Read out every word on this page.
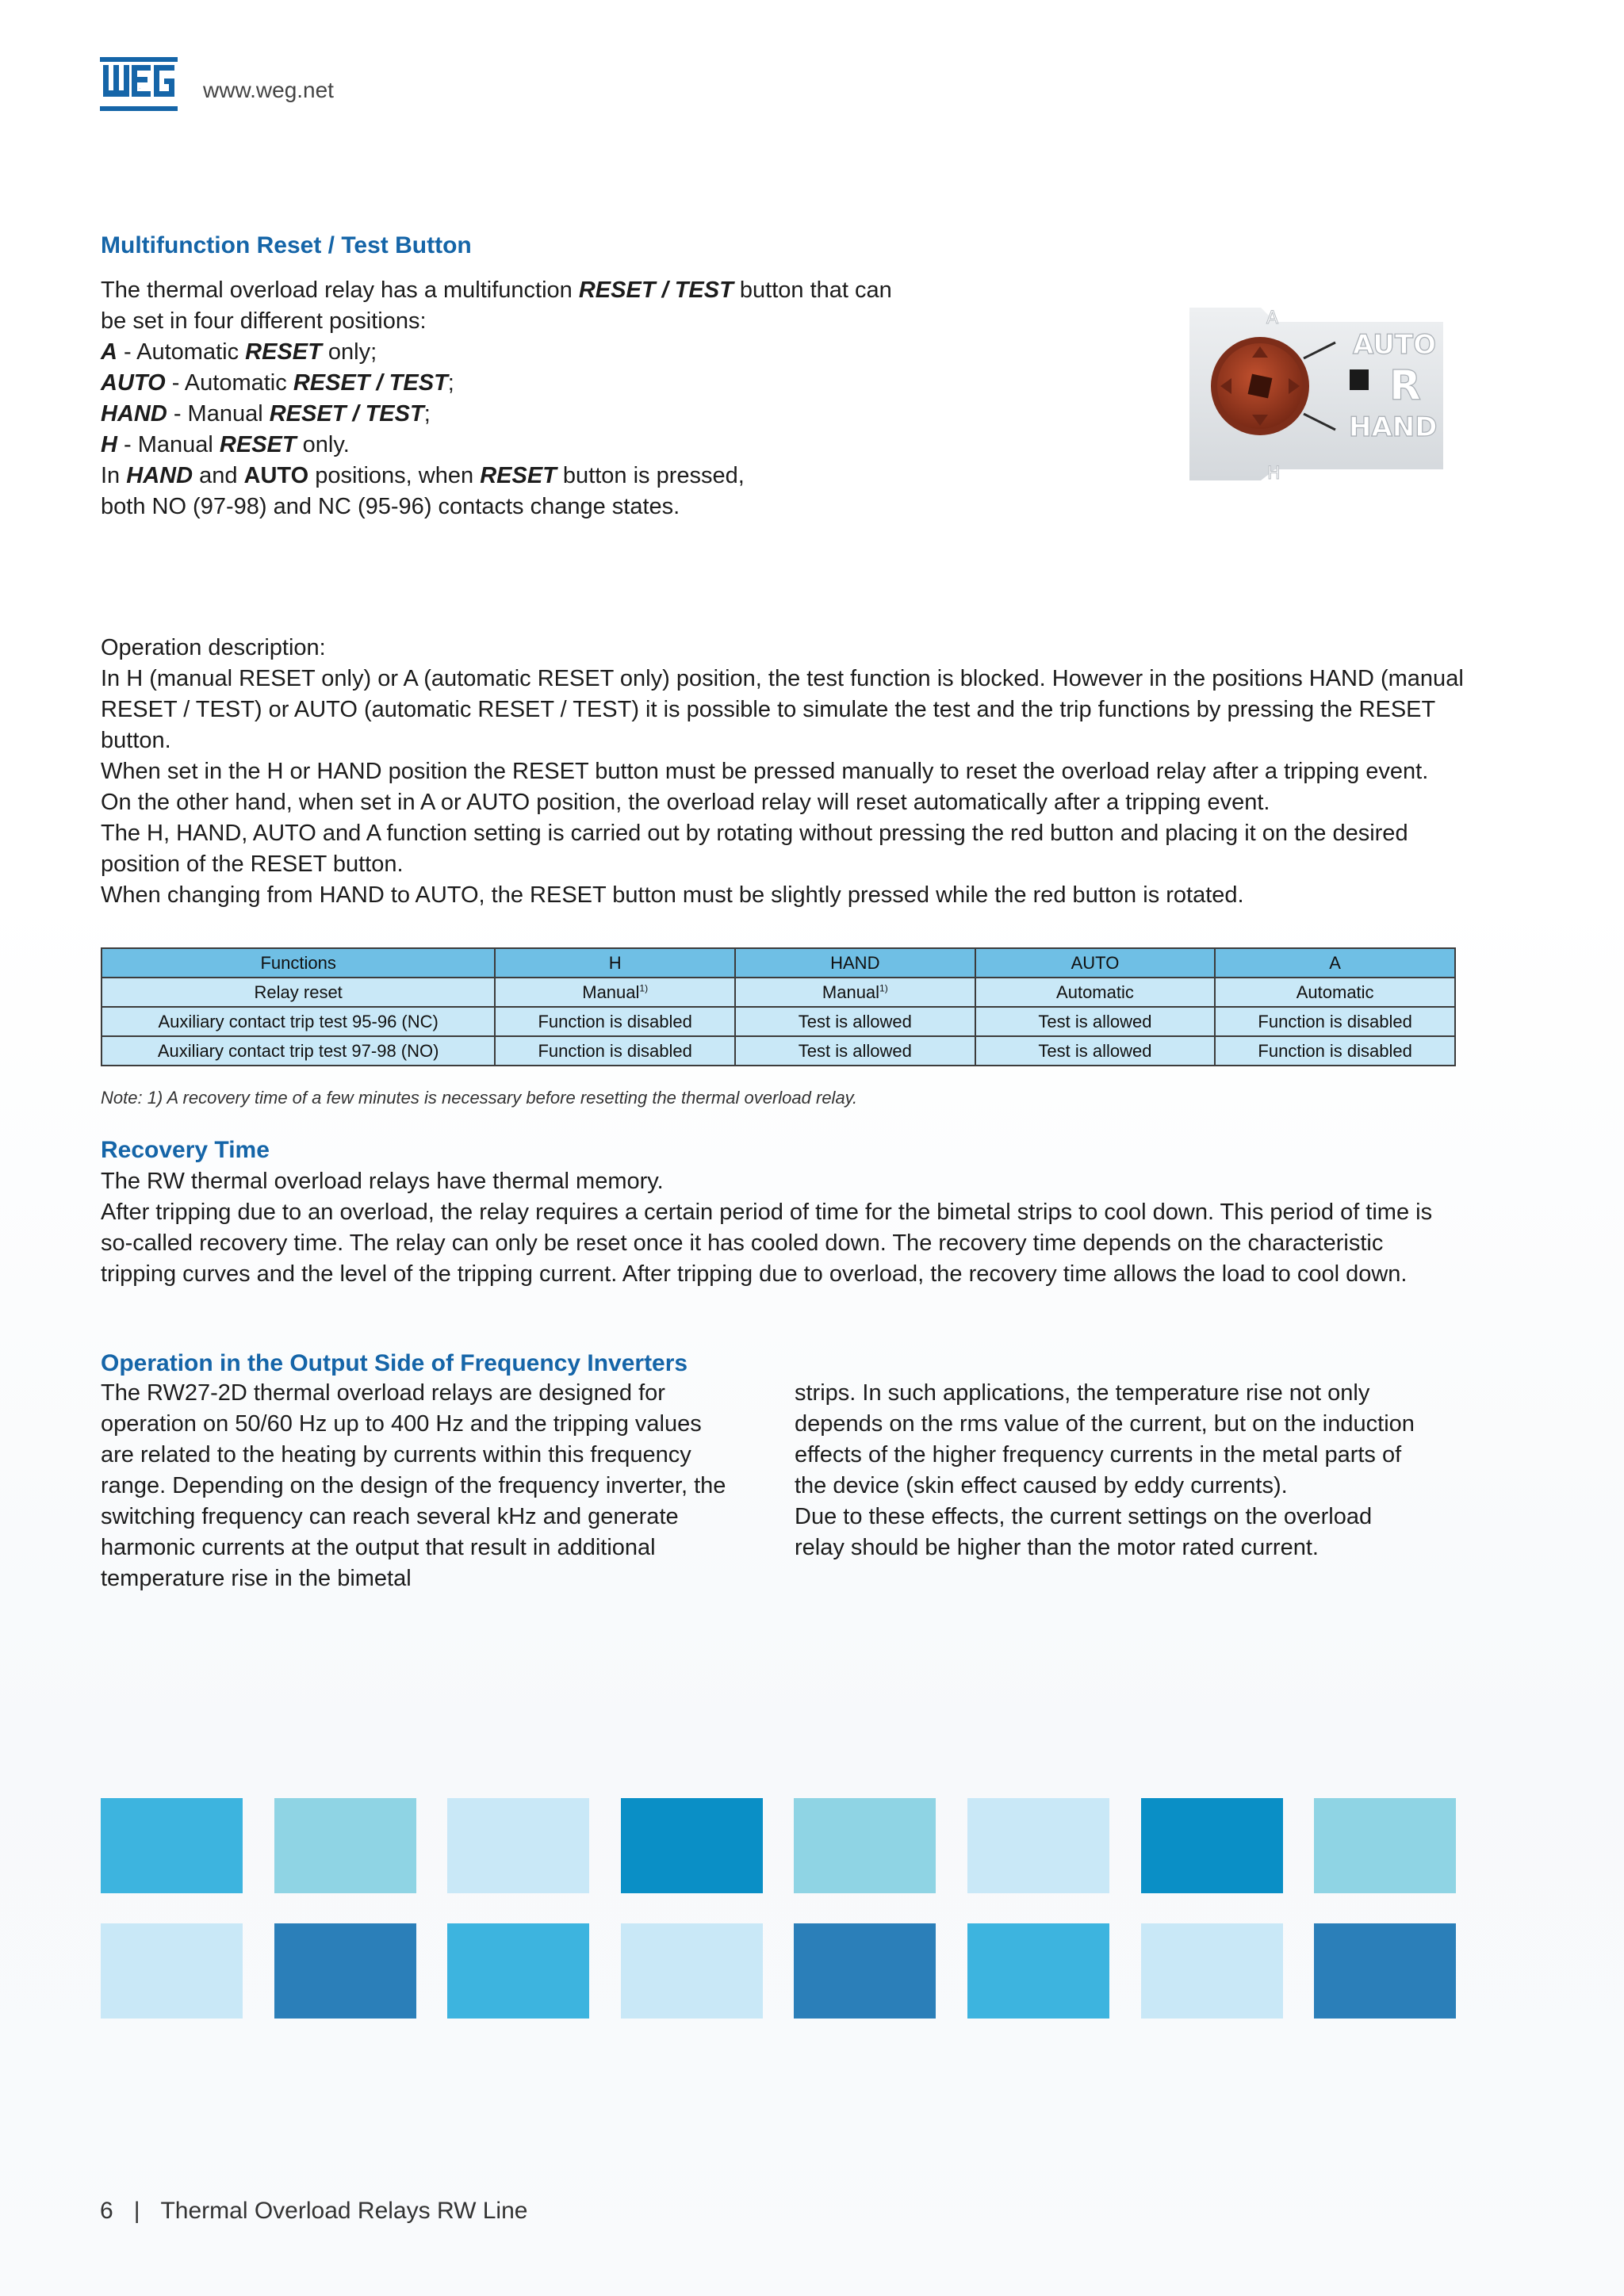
WEG	www.weg.net
Multifunction Reset / Test Button

The thermal overload relay has a multifunction RESET / TEST button that can be set in four different positions:

A - Automatic RESET only;

AUTO - Automatic RESET / TEST;

HAND - Manual RESET / TEST;

H - Manual RESET only.

In HAND and AUTO positions, when RESET button is pressed,

both NO (97-98) and NC (95-96) contacts change states.

A
AUTO
R
HAND
H

Operation description:

In H (manual RESET only) or A (automatic RESET only) position, the test function is blocked. However in the positions HAND (manual RESET / TEST) or AUTO (automatic RESET / TEST) it is possible to simulate the test and the trip functions by pressing the RESET button.

When set in the H or HAND position the RESET button must be pressed manually to reset the overload relay after a tripping event. On the other hand, when set in A or AUTO position, the overload relay will reset automatically after a tripping event.

The H, HAND, AUTO and A function setting is carried out by rotating without pressing the red button and placing it on the desired position of the RESET button.

When changing from HAND to AUTO, the RESET button must be slightly pressed while the red button is rotated.

Functions	H	HAND	AUTO	A
Relay reset	Manual$^{1)}$	Manual$^{1)}$	Automatic	Automatic
Auxiliary contact trip test 95-96 (NC)	Function is disabled	Test is allowed	Test is allowed	Function is disabled
Auxiliary contact trip test 97-98 (NO)	Function is disabled	Test is allowed	Test is allowed	Function is disabled
Note: 1) A recovery time of a few minutes is necessary before resetting the thermal overload relay.
Recovery Time

The RW thermal overload relays have thermal memory.

After tripping due to an overload, the relay requires a certain period of time for the bimetal strips to cool down. This period of time is so-called recovery time. The relay can only be reset once it has cooled down. The recovery time depends on the characteristic tripping curves and the level of the tripping current. After tripping due to overload, the recovery time allows the load to cool down.

Operation in the Output Side of Frequency Inverters

The RW27-2D thermal overload relays are designed for operation on 50/60 Hz up to 400 Hz and the tripping values are related to the heating by currents within this frequency range. Depending on the design of the frequency inverter, the switching frequency can reach several kHz and generate harmonic currents at the output that result in additional temperature rise in the bimetal

strips. In such applications, the temperature rise not only depends on the rms value of the current, but on the induction effects of the higher frequency currents in the metal parts of the device (skin effect caused by eddy currents).

Due to these effects, the current settings on the overload relay should be higher than the motor rated current.

6 | Thermal Overload Relays RW Line
